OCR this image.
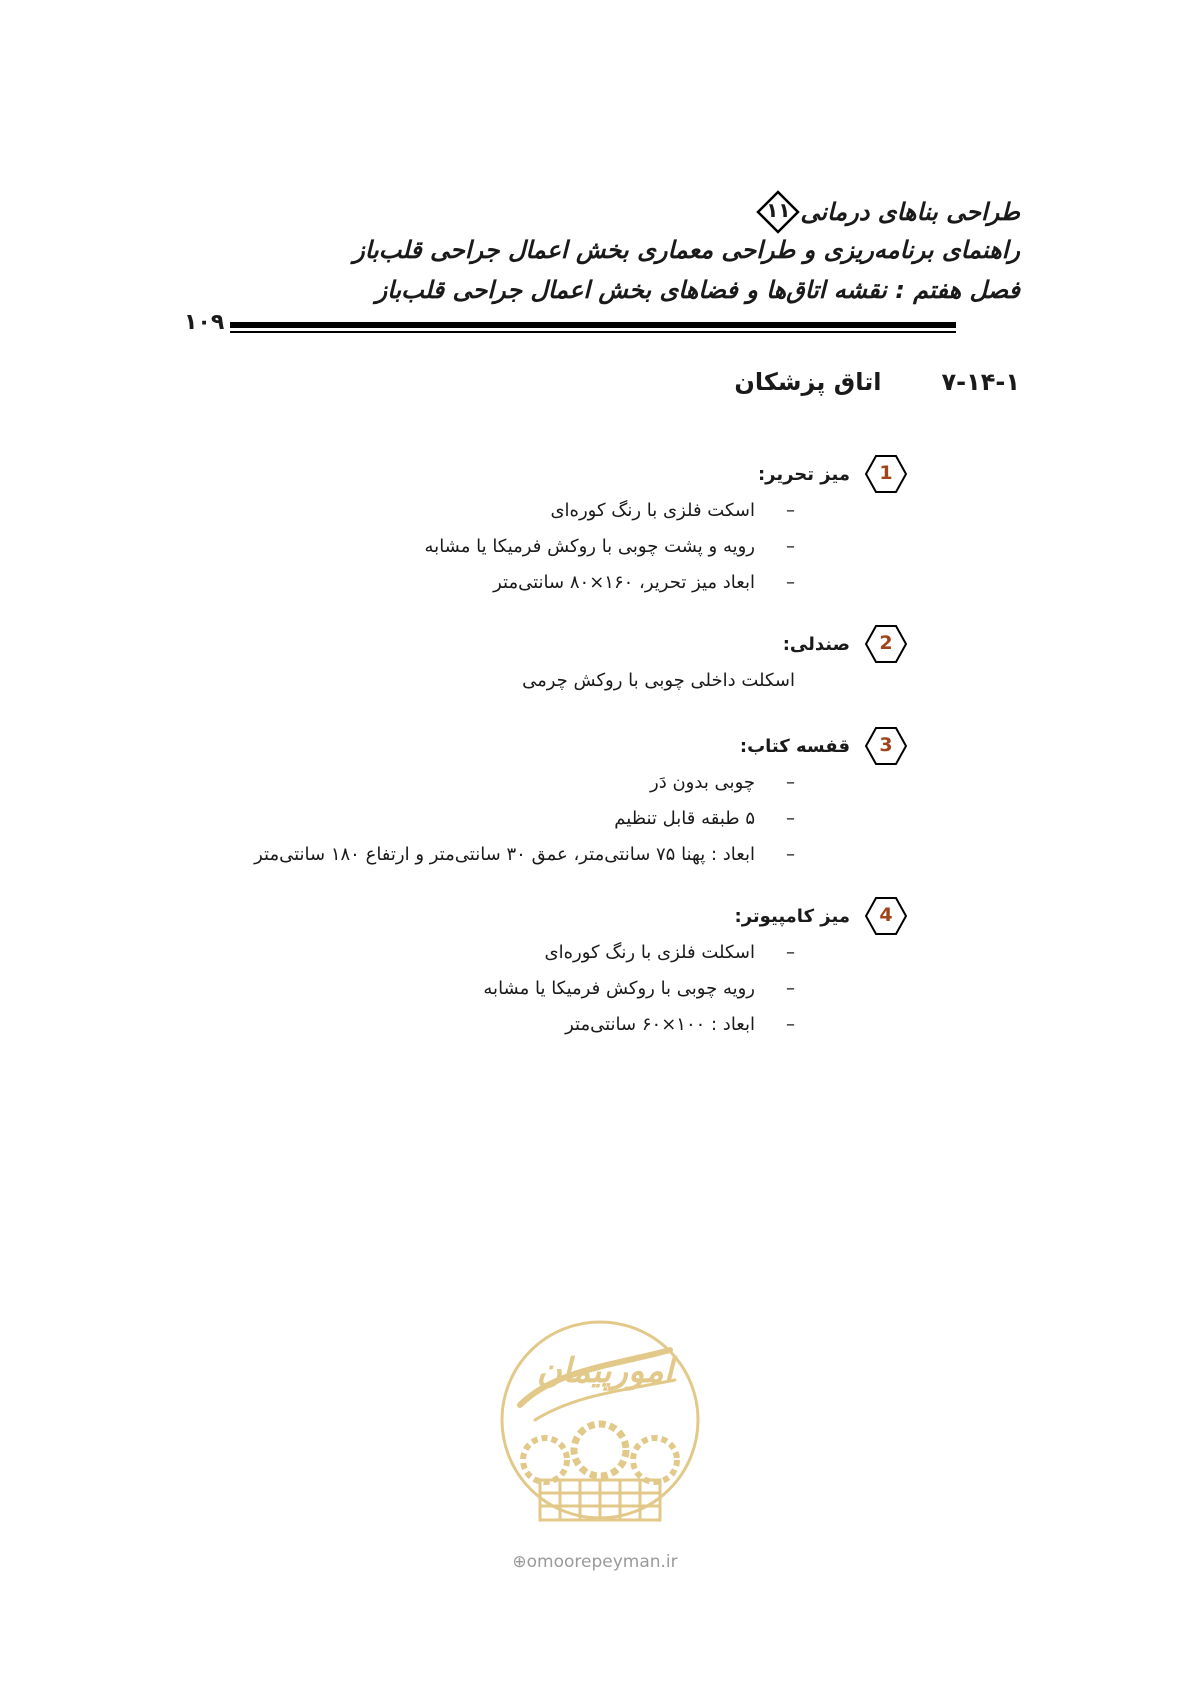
طراحی بناهای درمانی
۱۱
راهنمای برنامه‌ریزی و طراحی معماری بخش اعمال جراحی قلب‌باز
فصل هفتم : نقشه اتاق‌ها و فضاهای بخش اعمال جراحی قلب‌باز
۱۰۹
۷-۱۴-۱
اتاق پزشکان
1
میز تحریر:
–اسکت فلزی با رنگ کوره‌ای
–رویه و پشت چوبی با روکش فرمیکا یا مشابه
–ابعاد میز تحریر، ۱۶۰×۸۰ سانتی‌متر
2
صندلی:
اسکلت داخلی چوبی با روکش چرمی
3
قفسه کتاب:
–چوبی بدون دَر
–۵ طبقه قابل تنظیم
–ابعاد : پهنا ۷۵ سانتی‌متر، عمق ۳۰ سانتی‌متر و ارتفاع ۱۸۰ سانتی‌متر
4
میز کامپیوتر:
–اسکلت فلزی با رنگ کوره‌ای
–رویه چوبی با روکش فرمیکا یا مشابه
–ابعاد : ۱۰۰×۶۰ سانتی‌متر
امورپیمان
⊕omoorepeyman.ir
